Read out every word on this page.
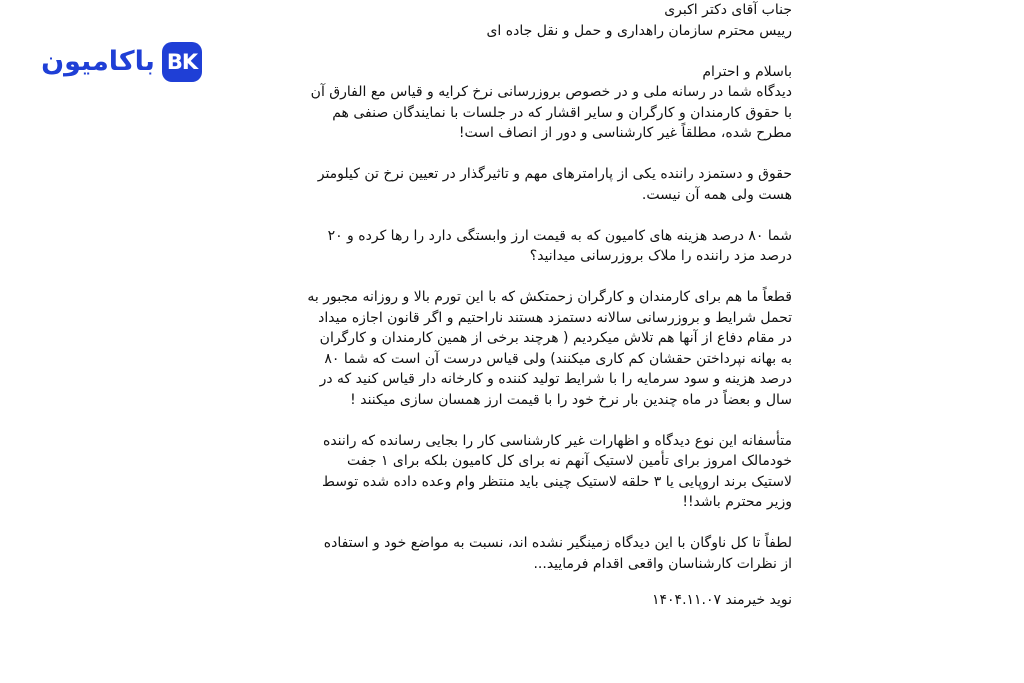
باکامیون BK

جناب آقای دکتر اکبری
رییس محترم سازمان راهداری و حمل و نقل جاده ای

باسلام و احترام
دیدگاه شما در رسانه ملی و در خصوص بروزرسانی نرخ کرایه و قیاس مع الفارق آن
با حقوق کارمندان و کارگران و سایر اقشار که در جلسات با نمایندگان صنفی هم
مطرح شده، مطلقاً غیر کارشناسی و دور از انصاف است!

حقوق و دستمزد راننده یکی از پارامترهای مهم و تاثیرگذار در تعیین نرخ تن کیلومتر
هست ولی همه آن نیست.

شما ۸۰ درصد هزینه های کامیون که به قیمت ارز وابستگی دارد را رها کرده و ۲۰
درصد مزد راننده را ملاک بروزرسانی میدانید؟

قطعاً ما هم برای کارمندان و کارگران زحمتکش که با این تورم بالا و روزانه مجبور به
تحمل شرایط و بروزرسانی سالانه دستمزد هستند ناراحتیم و اگر قانون اجازه میداد
در مقام دفاع از آنها هم تلاش میکردیم ( هرچند برخی از همین کارمندان و کارگران
به بهانه نپرداختن حقشان کم کاری میکنند) ولی قیاس درست آن است که شما ۸۰
درصد هزینه و سود سرمایه را با شرایط تولید کننده و کارخانه دار قیاس کنید که در
سال و بعضاً در ماه چندین بار نرخ خود را با قیمت ارز همسان سازی میکنند !

متأسفانه این نوع دیدگاه و اظهارات غیر کارشناسی کار را بجایی رسانده که راننده
خودمالک امروز برای تأمین لاستیک آنهم نه برای کل کامیون بلکه برای ۱ جفت
لاستیک برند اروپایی یا ۳ حلقه لاستیک چینی باید منتظر وام وعده داده شده توسط
وزیر محترم باشد!!

لطفاً تا کل ناوگان با این دیدگاه زمینگیر نشده اند، نسبت به مواضع خود و استفاده
از نظرات کارشناسان واقعی اقدام فرمایید...

نوید خیرمند ۱۴۰۴.۱۱.۰۷
